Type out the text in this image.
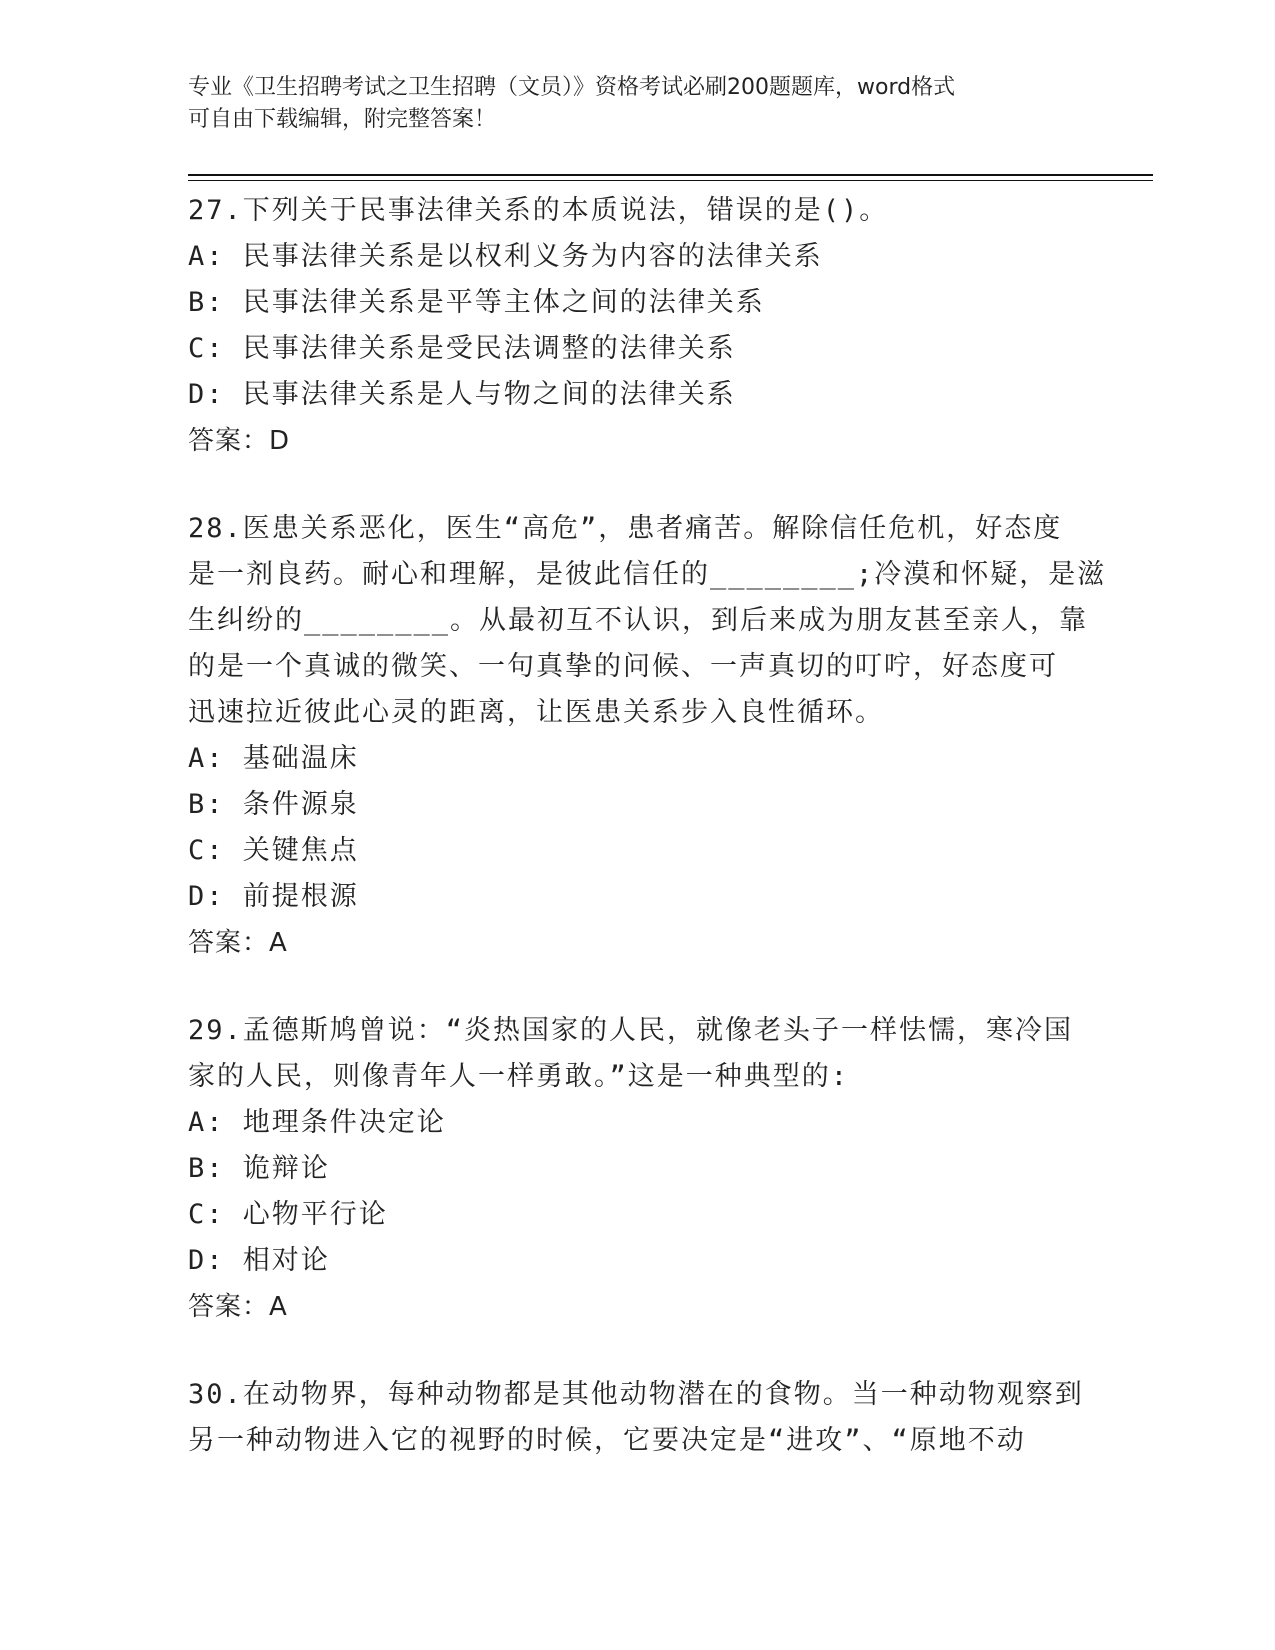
专业《卫生招聘考试之卫生招聘（文员）》资格考试必刷200题题库，word格式
可自由下载编辑，附完整答案！
27.下列关于民事法律关系的本质说法，错误的是()。
A: 民事法律关系是以权利义务为内容的法律关系
B: 民事法律关系是平等主体之间的法律关系
C: 民事法律关系是受民法调整的法律关系
D: 民事法律关系是人与物之间的法律关系
答案：D
28.医患关系恶化，医生“高危”，患者痛苦。解除信任危机，好态度
是一剂良药。耐心和理解，是彼此信任的________;冷漠和怀疑，是滋
生纠纷的________。从最初互不认识，到后来成为朋友甚至亲人，靠
的是一个真诚的微笑、一句真挚的问候、一声真切的叮咛，好态度可
迅速拉近彼此心灵的距离，让医患关系步入良性循环。
A: 基础温床
B: 条件源泉
C: 关键焦点
D: 前提根源
答案：A
29.孟德斯鸠曾说：“炎热国家的人民，就像老头子一样怯懦，寒冷国
家的人民，则像青年人一样勇敢。”这是一种典型的:
A: 地理条件决定论
B: 诡辩论
C: 心物平行论
D: 相对论
答案：A
30.在动物界，每种动物都是其他动物潜在的食物。当一种动物观察到
另一种动物进入它的视野的时候，它要决定是“进攻”、“原地不动
